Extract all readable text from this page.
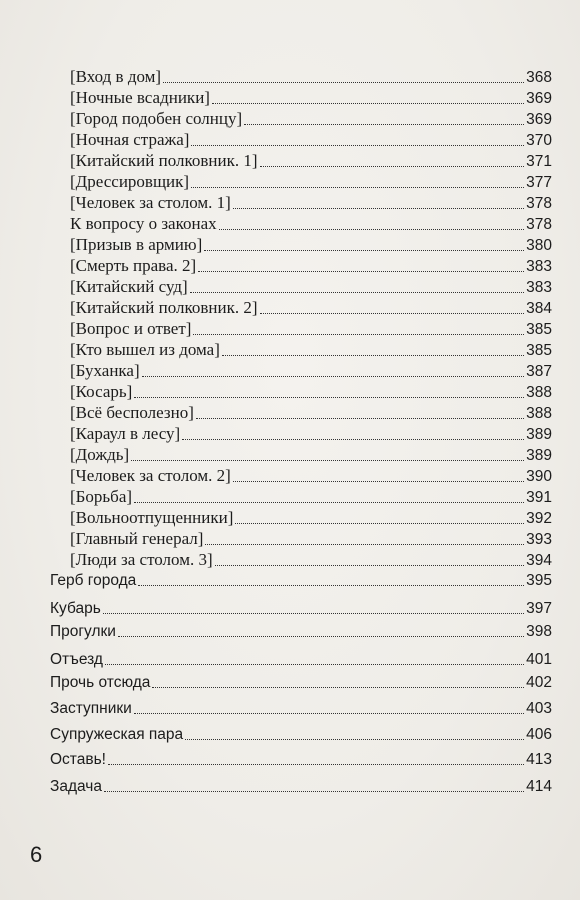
[Вход в дом]	368
[Ночные всадники]	369
[Город подобен солнцу]	369
[Ночная стража]	370
[Китайский полковник. 1]	371
[Дрессировщик]	377
[Человек за столом. 1]	378
К вопросу о законах	378
[Призыв в армию]	380
[Смерть права. 2]	383
[Китайский суд]	383
[Китайский полковник. 2]	384
[Вопрос и ответ]	385
[Кто вышел из дома]	385
[Буханка]	387
[Косарь]	388
[Всё бесполезно]	388
[Караул в лесу]	389
[Дождь]	389
[Человек за столом. 2]	390
[Борьба]	391
[Вольноотпущенники]	392
[Главный генерал]	393
[Люди за столом. 3]	394
Герб города	395
Кубарь	397
Прогулки	398
Отъезд	401
Прочь отсюда	402
Заступники	403
Супружеская пара	406
Оставь!	413
Задача	414
6
